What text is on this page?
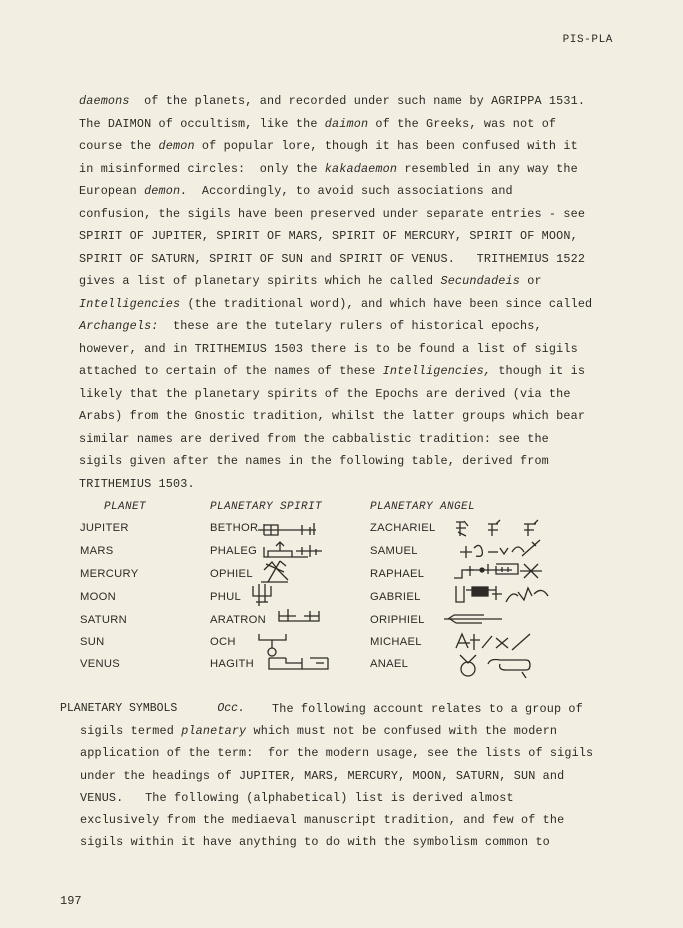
PIS-PLA
daemons  of the planets, and recorded under such name by AGRIPPA 1531.
The DAIMON of occultism, like the daimon of the Greeks, was not of
course the demon of popular lore, though it has been confused with it
in misinformed circles:  only the kakadaemon resembled in any way the
European demon.  Accordingly, to avoid such associations and
confusion, the sigils have been preserved under separate entries - see
SPIRIT OF JUPITER, SPIRIT OF MARS, SPIRIT OF MERCURY, SPIRIT OF MOON,
SPIRIT OF SATURN, SPIRIT OF SUN and SPIRIT OF VENUS.   TRITHEMIUS 1522
gives a list of planetary spirits which he called Secundadeis or
Intelligencies (the traditional word), and which have been since called
Archangels:  these are the tutelary rulers of historical epochs,
however, and in TRITHEMIUS 1503 there is to be found a list of sigils
attached to certain of the names of these Intelligencies, though it is
likely that the planetary spirits of the Epochs are derived (via the
Arabs) from the Gnostic tradition, whilst the latter groups which bear
similar names are derived from the cabbalistic tradition: see the
sigils given after the names in the following table, derived from
TRITHEMIUS 1503.
PLANET	PLANETARY SPIRIT	PLANETARY ANGEL
JUPITER	BETHOR	ZACHARIEL
MARS	PHALEG	SAMUEL
MERCURY	OPHIEL	RAPHAEL
MOON	PHUL	GABRIEL
SATURN	ARATRON	ORIPHIEL
SUN	OCH	MICHAEL
VENUS	HAGITH	ANAEL
PLANETARY SYMBOLS	Occ. The following account relates to a group of
sigils termed planetary which must not be confused with the modern
application of the term:  for the modern usage, see the lists of sigils
under the headings of JUPITER, MARS, MERCURY, MOON, SATURN, SUN and
VENUS.   The following (alphabetical) list is derived almost
exclusively from the mediaeval manuscript tradition, and few of the
sigils within it have anything to do with the symbolism common to
197
